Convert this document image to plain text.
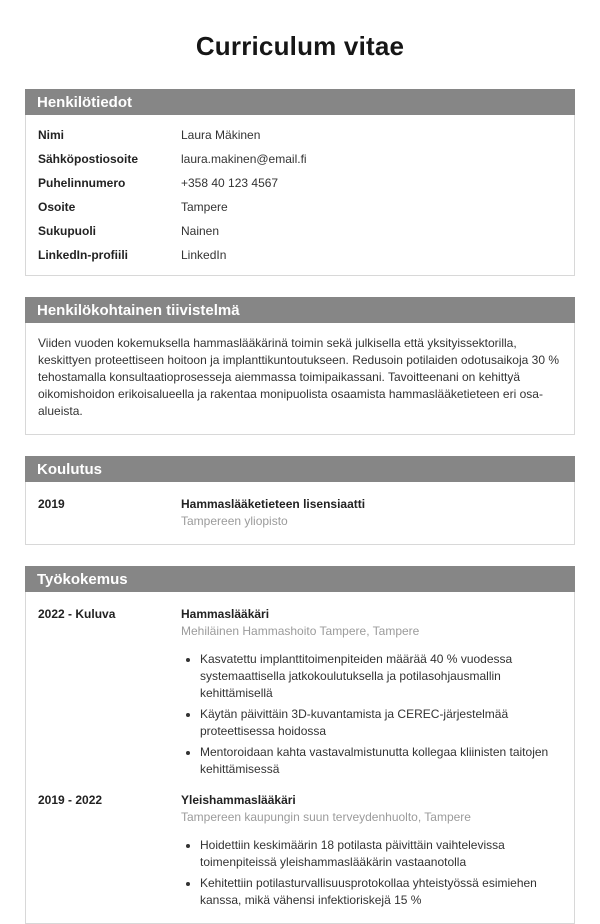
Curriculum vitae
Henkilötiedot
Nimi	Laura Mäkinen
Sähköpostiosoite	laura.makinen@email.fi
Puhelinnumero	+358 40 123 4567
Osoite	Tampere
Sukupuoli	Nainen
LinkedIn-profiili	LinkedIn
Henkilökohtainen tiivistelmä

Viiden vuoden kokemuksella hammaslääkärinä toimin sekä julkisella että yksityissektorilla, keskittyen proteettiseen hoitoon ja implanttikuntoutukseen. Redusoin potilaiden odotusaikoja 30 % tehostamalla konsultaatioprosesseja aiemmassa toimipaikassani. Tavoitteenani on kehittyä oikomishoidon erikoisalueella ja rakentaa monipuolista osaamista hammaslääketieteen eri osa-alueista.

Koulutus
2019	Hammaslääketieteen lisensiaatti
Tampereen yliopisto
Työkokemus
2022 - Kuluva	Hammaslääkäri
Mehiläinen Hammashoito Tampere, Tampere
• Kasvatettu implanttitoimenpiteiden määrää 40 % vuodessa systemaattisella jatkokoulutuksella ja potilasohjausmallin kehittämisellä
• Käytän päivittäin 3D-kuvantamista ja CEREC-järjestelmää proteettisessa hoidossa
• Mentoroidaan kahta vastavalmistunutta kollegaa kliinisten taitojen kehittämisessä
2019 - 2022	Yleishammaslääkäri
Tampereen kaupungin suun terveydenhuolto, Tampere
• Hoidettiin keskimäärin 18 potilasta päivittäin vaihtelevissa toimenpiteissä yleishammaslääkärin vastaanotolla
• Kehitettiin potilasturvallisuusprotokollaa yhteistyössä esimiehen kanssa, mikä vähensi infektioriskejä 15 %
